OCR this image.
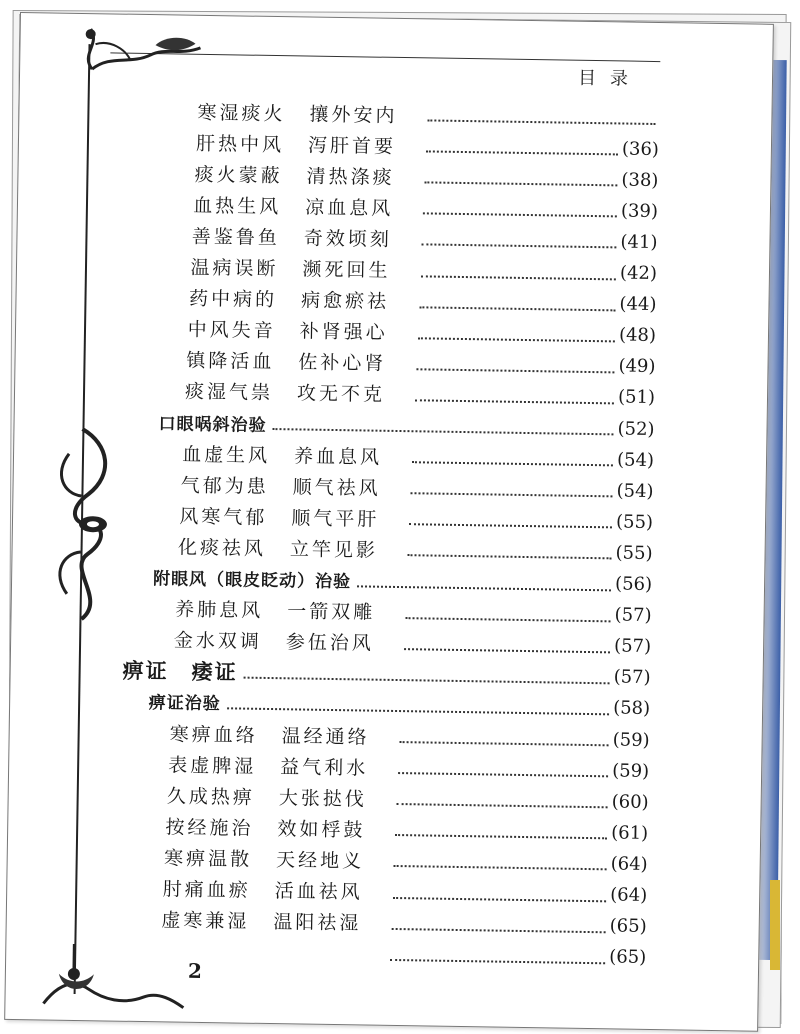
目录
寒湿痰火	攘外安内
肝热中风	泻肝首要	(36)
痰火蒙蔽	清热涤痰	(38)
血热生风	凉血息风	(39)
善鉴鲁鱼	奇效顷刻	(41)
温病误断	濒死回生	(42)
药中病的	病愈瘀祛	(44)
中风失音	补肾强心	(48)
镇降活血	佐补心肾	(49)
痰湿气祟	攻无不克	(51)
口眼㖞斜治验	(52)
血虚生风	养血息风	(54)
气郁为患	顺气祛风	(54)
风寒气郁	顺气平肝	(55)
化痰祛风	立竿见影	(55)
附眼风（眼皮眨动）治验	(56)
养肺息风	一箭双雕	(57)
金水双调	参伍治风	(57)
痹证　痿证	(57)
痹证治验	(58)
寒痹血络	温经通络	(59)
表虚脾湿	益气利水	(59)
久成热痹	大张挞伐	(60)
按经施治	效如桴鼓	(61)
寒痹温散	天经地义	(64)
肘痛血瘀	活血祛风	(64)
虚寒兼湿	温阳祛湿	(65)
(65)
2
